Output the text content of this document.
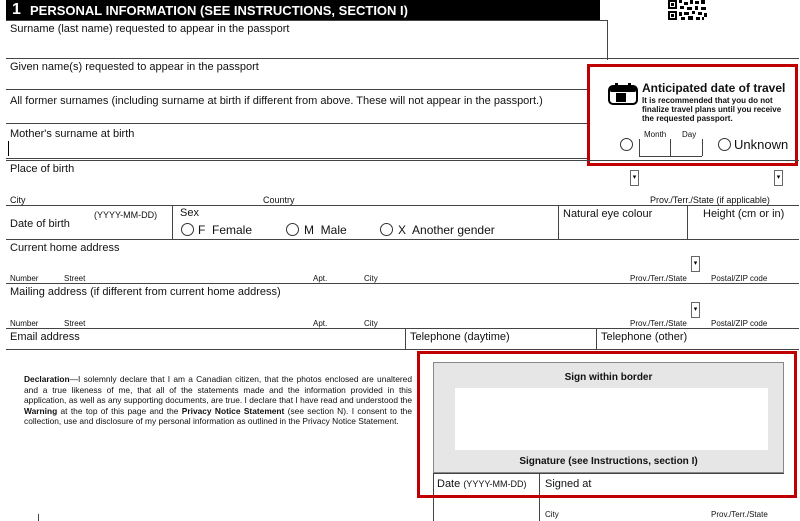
1 PERSONAL INFORMATION (SEE INSTRUCTIONS, SECTION I)
Surname (last name) requested to appear in the passport
Given name(s) requested to appear in the passport
All former surnames (including surname at birth if different from above. These will not appear in the passport.)
Mother's surname at birth
Anticipated date of travel
It is recommended that you do not finalize travel plans until you receive the requested passport.
Month Day
Unknown
Place of birth
▾	▾
City	Country	Prov./Terr./State (if applicable)
Date of birth
(YYYY-MM-DD) Sex
F  Female	M  Male	X  Another gender
Natural eye colour	Height (cm or in)
Current home address
▾
Number	Street	Apt.	City	Prov./Terr./State	Postal/ZIP code
Mailing address (if different from current home address)
▾
Number	Street	Apt.	City	Prov./Terr./State	Postal/ZIP code
Email address	Telephone (daytime)	Telephone (other)
Declaration—I solemnly declare that I am a Canadian citizen, that the photos enclosed are unaltered and a true likeness of me, that all of the statements made and the information provided in this application, as well as any supporting documents, are true. I declare that I have read and understood the Warning at the top of this page and the Privacy Notice Statement (see section N). I consent to the collection, use and disclosure of my personal information as outlined in the Privacy Notice Statement.
Sign within border
Signature (see Instructions, section I)
Date (YYYY-MM-DD) Signed at
City	Prov./Terr./State
